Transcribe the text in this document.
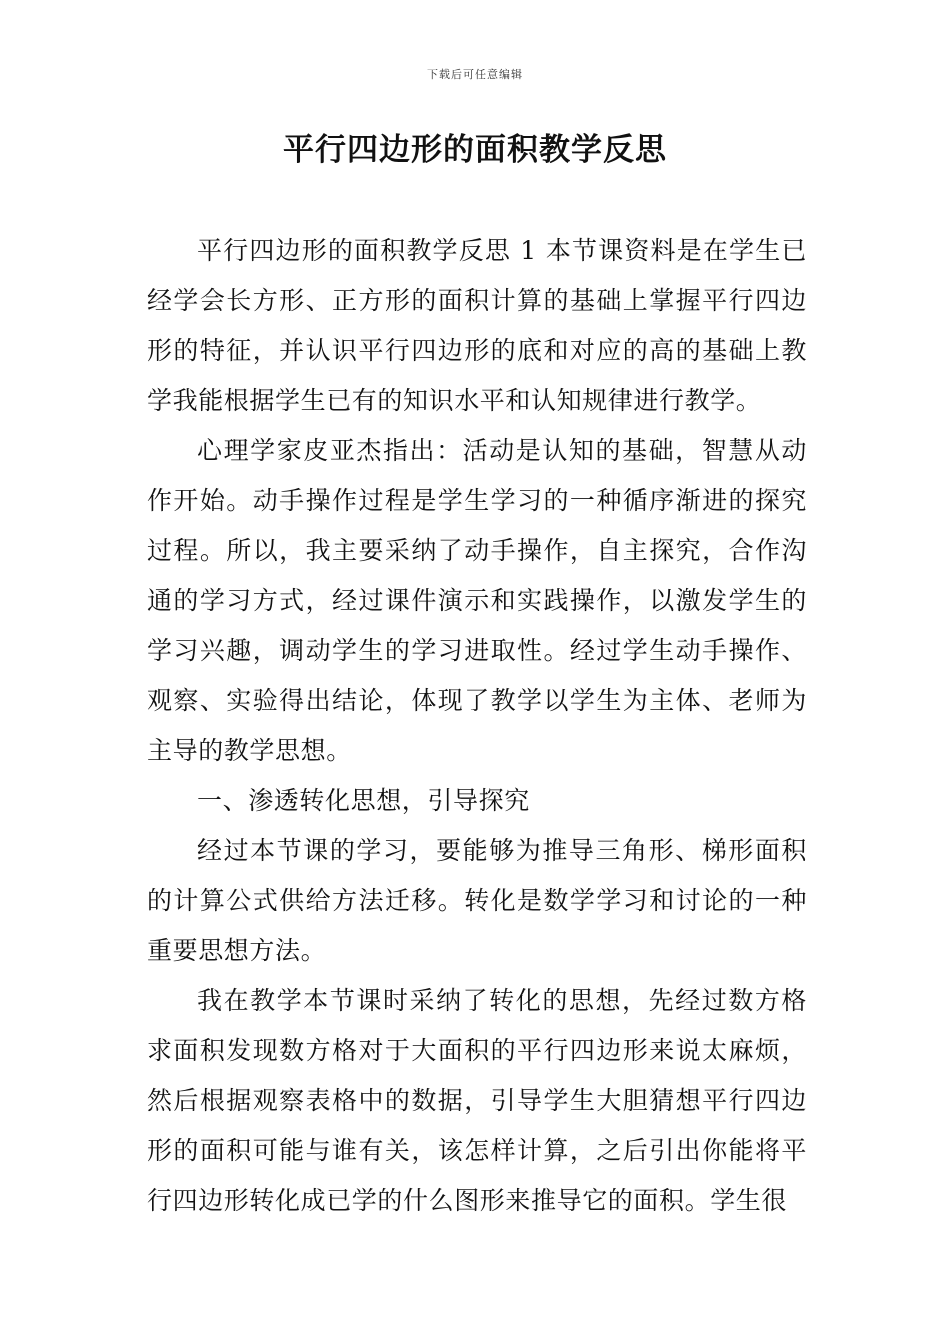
下载后可任意编辑
平行四边形的面积教学反思

平行四边形的面积教学反思 1 本节课资料是在学生已经学会长方形、正方形的面积计算的基础上掌握平行四边形的特征，并认识平行四边形的底和对应的高的基础上教学我能根据学生已有的知识水平和认知规律进行教学。

心理学家皮亚杰指出：活动是认知的基础，智慧从动作开始。动手操作过程是学生学习的一种循序渐进的探究过程。所以，我主要采纳了动手操作，自主探究，合作沟通的学习方式，经过课件演示和实践操作，以激发学生的学习兴趣，调动学生的学习进取性。经过学生动手操作、观察、实验得出结论，体现了教学以学生为主体、老师为主导的教学思想。

一、渗透转化思想，引导探究

经过本节课的学习，要能够为推导三角形、梯形面积的计算公式供给方法迁移。转化是数学学习和讨论的一种重要思想方法。

我在教学本节课时采纳了转化的思想，先经过数方格求面积发现数方格对于大面积的平行四边形来说太麻烦，然后根据观察表格中的数据，引导学生大胆猜想平行四边形的面积可能与谁有关，该怎样计算，之后引出你能将平行四边形转化成已学的什么图形来推导它的面积。学生很
